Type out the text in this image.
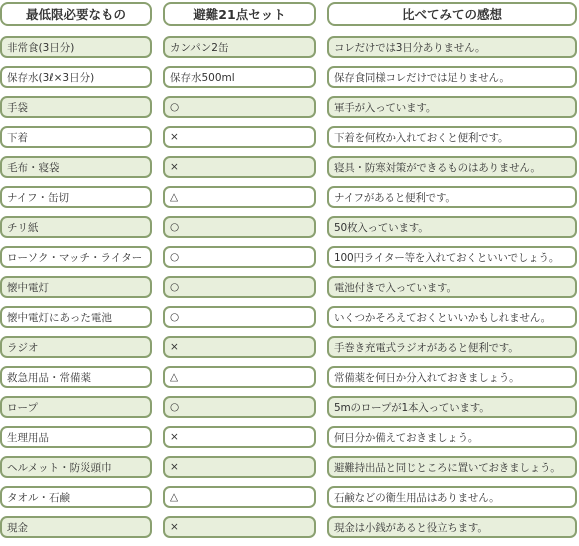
最低限必要なもの	避難21点セット	比べてみての感想
非常食(3日分)	カンパン2缶	コレだけでは3日分ありません。
保存水(3ℓ×3日分)	保存水500ml	保存食同様コレだけでは足りません。
手袋	○	軍手が入っています。
下着	×	下着を何枚か入れておくと便利です。
毛布・寝袋	×	寝具・防寒対策ができるものはありません。
ナイフ・缶切	△	ナイフがあると便利です。
チリ紙	○	50枚入っています。
ローソク・マッチ・ライター	○	100円ライター等を入れておくといいでしょう。
懐中電灯	○	電池付きで入っています。
懐中電灯にあった電池	○	いくつかそろえておくといいかもしれません。
ラジオ	×	手巻き充電式ラジオがあると便利です。
救急用品・常備薬	△	常備薬を何日か分入れておきましょう。
ロープ	○	5mのロープが1本入っています。
生理用品	×	何日分か備えておきましょう。
ヘルメット・防災頭巾	×	避難持出品と同じところに置いておきましょう。
タオル・石鹸	△	石鹸などの衛生用品はありません。
現金	×	現金は小銭があると役立ちます。
